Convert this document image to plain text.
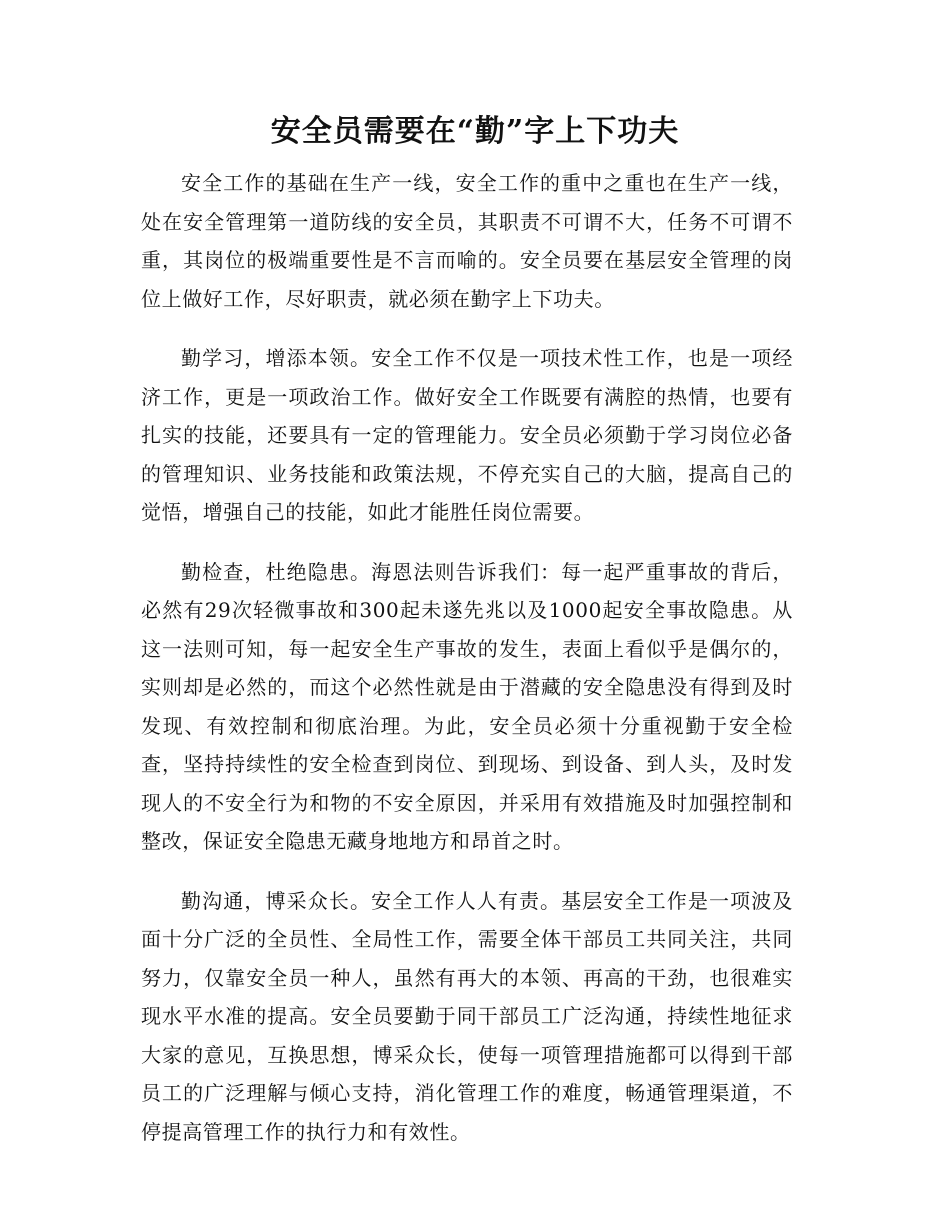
安全员需要在“勤”字上下功夫

安全工作的基础在生产一线，安全工作的重中之重也在生产一线，处在安全管理第一道防线的安全员，其职责不可谓不大，任务不可谓不重，其岗位的极端重要性是不言而喻的。安全员要在基层安全管理的岗位上做好工作，尽好职责，就必须在勤字上下功夫。

勤学习，增添本领。安全工作不仅是一项技术性工作，也是一项经济工作，更是一项政治工作。做好安全工作既要有满腔的热情，也要有扎实的技能，还要具有一定的管理能力。安全员必须勤于学习岗位必备的管理知识、业务技能和政策法规，不停充实自己的大脑，提高自己的觉悟，增强自己的技能，如此才能胜任岗位需要。

勤检查，杜绝隐患。海恩法则告诉我们：每一起严重事故的背后，必然有29次轻微事故和300起未遂先兆以及1000起安全事故隐患。从这一法则可知，每一起安全生产事故的发生，表面上看似乎是偶尔的，实则却是必然的，而这个必然性就是由于潜藏的安全隐患没有得到及时发现、有效控制和彻底治理。为此，安全员必须十分重视勤于安全检查，坚持持续性的安全检查到岗位、到现场、到设备、到人头，及时发现人的不安全行为和物的不安全原因，并采用有效措施及时加强控制和整改，保证安全隐患无藏身地地方和昂首之时。

勤沟通，博采众长。安全工作人人有责。基层安全工作是一项波及面十分广泛的全员性、全局性工作，需要全体干部员工共同关注，共同努力，仅靠安全员一种人，虽然有再大的本领、再高的干劲，也很难实现水平水准的提高。安全员要勤于同干部员工广泛沟通，持续性地征求大家的意见，互换思想，博采众长，使每一项管理措施都可以得到干部员工的广泛理解与倾心支持，消化管理工作的难度，畅通管理渠道，不停提高管理工作的执行力和有效性。
